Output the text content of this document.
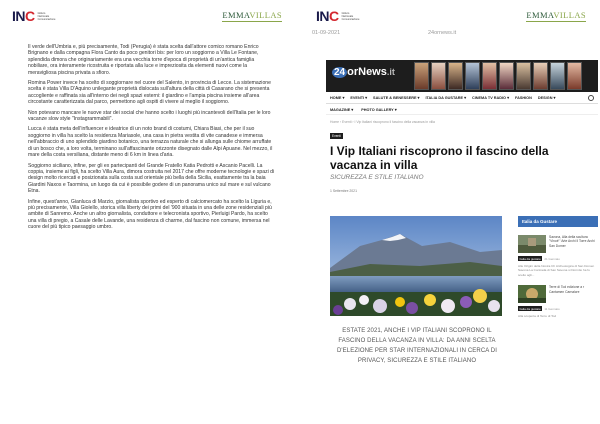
INC Istituto
Nazionale
Comunicazione	EMMAVILLAS

Il verde dell'Umbria e, più precisamente, Todi (Perugia) è stata scelta dall'attore comico romano Enrico Brignano e dalla compagna Flora Canto da poco genitori bis: per loro un soggiorno a Villa Le Fontane, splendida dimora che originariamente era una vecchia torre d'epoca di proprietà di un'antica famiglia nobiliare, ora interamente ricostruita e riportata alla luce e impreziosita da elementi nuovi come la meravigliosa piscina privata a sfioro.

Romina Power invece ha scelto di soggiornare nel cuore del Salento, in provincia di Lecce. La sistemazione scelta è stata Villa D'Aquino unilegante proprietà dislocata sull'altura della città di Casarano che si presenta accogliente e raffinata sia all'interno dei negli spazi esterni: il giardino e l'ampia piscina insieme all'area circostante caratterizzata dal parco, permettono agli ospiti di vivere al meglio il soggiorno.

Non potevano mancare le nuove star dei social che hanno scelto i luoghi più incantevoli dell'Italia per le loro vacanze slow style "Instagrammabili".

Lucca è stata meta dell'influencer e ideatrice di un noto brand di costumi, Chiara Biasi, che per il suo soggiorno in villa ha scelto la residenza Mariasole, una casa in pietra vestita di vite canadese e immersa nell'abbraccio di uno splendido giardino botanico, una terrazza naturale che si allunga sulle chiome arruffate di un bosco che, a loro volta, terminano sull'affascinante orizzonte disegnato dalle Alpi Apuane. Nel mezzo, il mare della costa versiliana, distante meno di 6 km in linea d'aria.

Soggiorno siciliano, infine, per gli ex partecipanti del Grande Fratello Katia Pedrotti e Ascanio Pacelli. La coppia, insieme ai figli, ha scelto Villa Aura, dimora costruita nel 2017 che offre moderne tecnologie e spazi di design molto ricercati e posizionata sulla costa sud orientale più bella della Sicilia, esattamente tra la baia Giardini Naxos e Taormina, un luogo da cui è possibile godere di un panorama unico sul mare e sul vulcano Etna.

Infine, quest'anno, Gianluca di Marzio, giornalista sportivo ed esperto di calciomercato ha scelto la Liguria e, più precisamente, Villa Giolello, storica villa liberty dei primi del '900 situata in una delle zone residenziali più ambite di Sanremo. Anche un altro giornalista, conduttore e telecronista sportivo, Pierluigi Pardo, ha scelto una villa di pregio, a Casale delle Lavande, una residenza di charme, dal fascino non comune, immersa nel cuore del più tipico paesaggio umbro.

INC Istituto
Nazionale
Comunicazione	EMMAVILLAS
01-09-2021	24ornews.it
24 orNews.it
HOME ▾ EVENTI ▾ SALUTE & BENESSERE ▾ ITALIA DA GUSTARE ▾ CINEMA TV RADIO ▾ FASHION DESIGN ▾
MAGAZINE ▾ PHOTO GALLERY ▾
Home › Eventi › I Vip Italiani riscoprono il fascino della vacanza in villa
Eventi
I Vip Italiani riscoprono il fascino della vacanza in villa
SICUREZZA E STILE ITALIANO
1 Settembre 2021
ESTATE 2021, ANCHE I VIP ITALIANI SCOPRONO IL FASCINO DELLA VACANZA IN VILLA: DA ANNI SCELTA D'ELEZIONE PER STAR INTERNAZIONALI IN CERCA DI PRIVACY, SICUREZZA E STILE ITALIANO
Italia da Gustare
Savona, Alla della scultura "Vinoè" 'Arte Archi Il Torre Archi San Domer
Italia da gustare	21 Gennaio
Alle Origini della Nostra Ch Archeologica di San Domen Savona La Contrada di San Savona si Dormito ha fu scelto agli...
Terre di Tod edizione a r Cantamen Carnalcre
Italia da gustare	11 Gennaio
Alla scoperta di Terre di Tod
